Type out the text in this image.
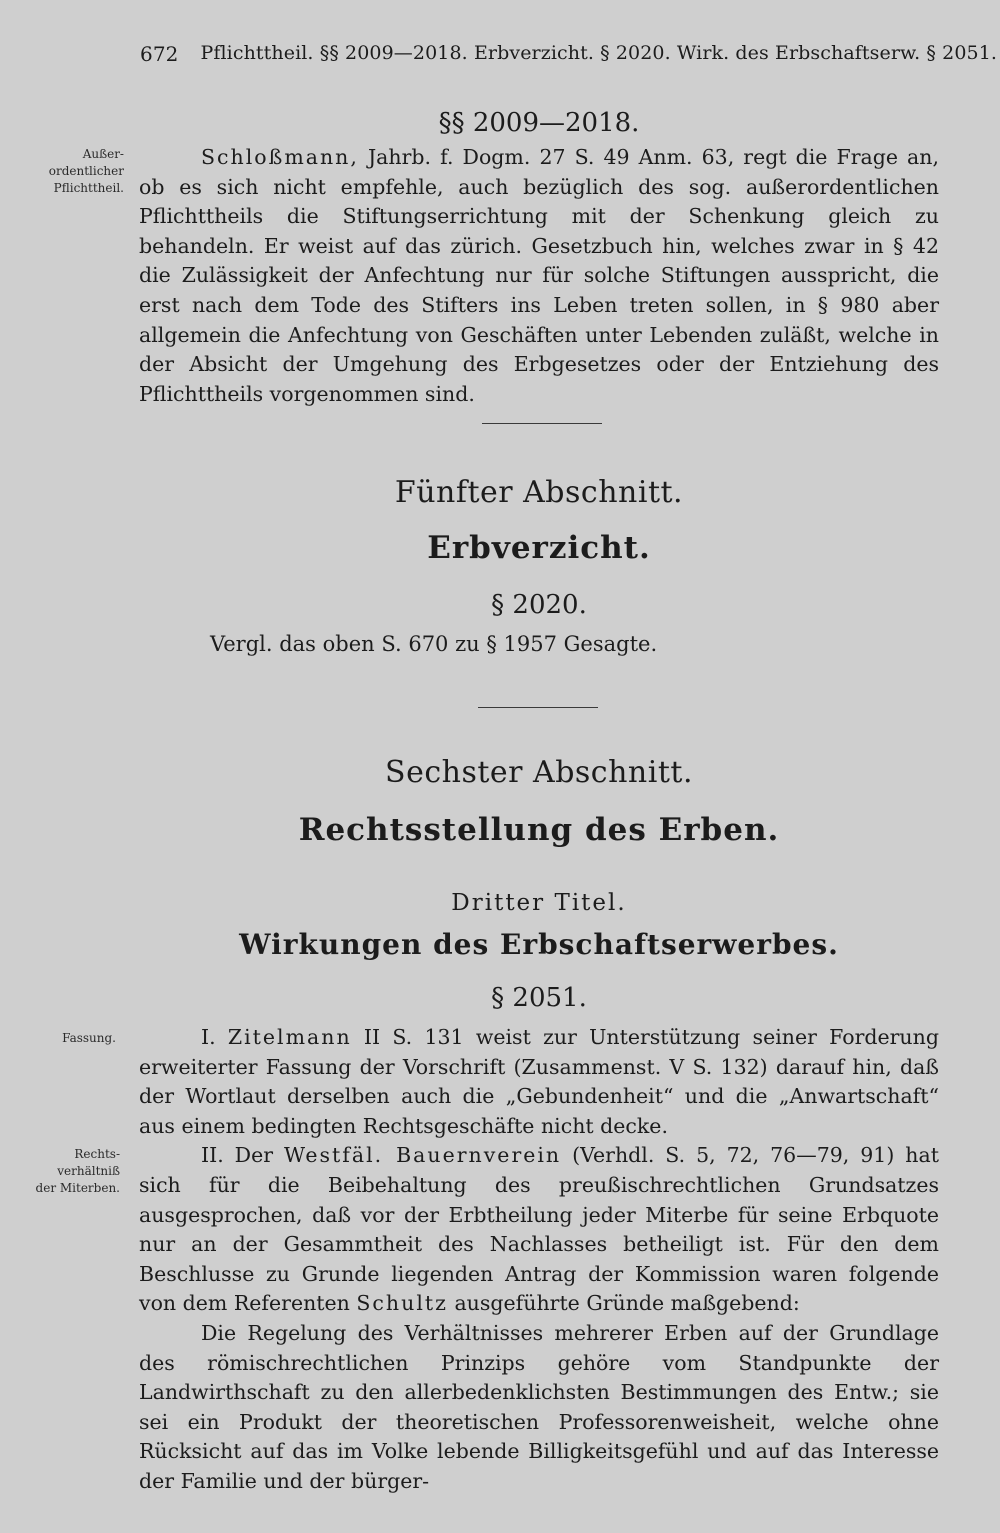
672 Pflichttheil. §§ 2009—2018. Erbverzicht. § 2020. Wirk. des Erbschaftserw. § 2051.
§§ 2009—2018.
Außer-ordentlicher Pflichttheil.

Schloßmann, Jahrb. f. Dogm. 27 S. 49 Anm. 63, regt die Frage an, ob es sich nicht empfehle, auch bezüglich des sog. außerordentlichen Pflichttheils die Stiftungserrichtung mit der Schenkung gleich zu behandeln. Er weist auf das zürich. Gesetzbuch hin, welches zwar in § 42 die Zulässigkeit der Anfechtung nur für solche Stiftungen ausspricht, die erst nach dem Tode des Stifters ins Leben treten sollen, in § 980 aber allgemein die Anfechtung von Geschäften unter Lebenden zuläßt, welche in der Absicht der Umgehung des Erbgesetzes oder der Entziehung des Pflichttheils vorgenommen sind.

Fünfter Abschnitt.
Erbverzicht.
§ 2020.
Vergl. das oben S. 670 zu § 1957 Gesagte.
Sechster Abschnitt.
Rechtsstellung des Erben.
Dritter Titel.
Wirkungen des Erbschaftserwerbes.
§ 2051.
Fassung.
Rechts-verhältniß der Miterben.

I. Zitelmann II S. 131 weist zur Unterstützung seiner Forderung erweiterter Fassung der Vorschrift (Zusammenst. V S. 132) darauf hin, daß der Wortlaut derselben auch die „Gebundenheit“ und die „Anwartschaft“ aus einem bedingten Rechtsgeschäfte nicht decke.

II. Der Westfäl. Bauernverein (Verhdl. S. 5, 72, 76—79, 91) hat sich für die Beibehaltung des preußischrechtlichen Grundsatzes ausgesprochen, daß vor der Erbtheilung jeder Miterbe für seine Erbquote nur an der Gesammtheit des Nachlasses betheiligt ist. Für den dem Beschlusse zu Grunde liegenden Antrag der Kommission waren folgende von dem Referenten Schultz ausgeführte Gründe maßgebend:

Die Regelung des Verhältnisses mehrerer Erben auf der Grundlage des römischrechtlichen Prinzips gehöre vom Standpunkte der Landwirthschaft zu den allerbedenklichsten Bestimmungen des Entw.; sie sei ein Produkt der theoretischen Professorenweisheit, welche ohne Rücksicht auf das im Volke lebende Billigkeitsgefühl und auf das Interesse der Familie und der bürger-
